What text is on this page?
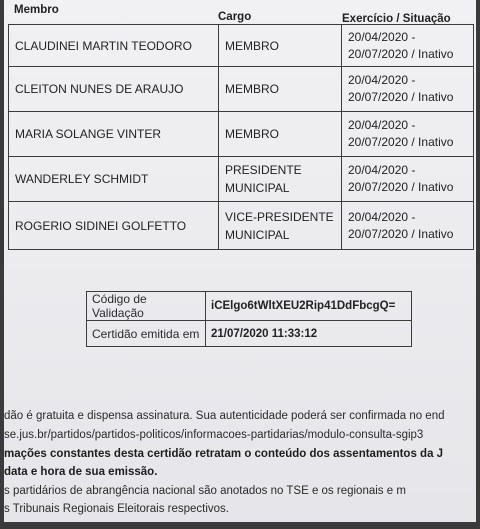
Membro
Cargo	Exercício / Situação
CLAUDINEI MARTIN TEODORO	MEMBRO	20/04/2020 -
20/07/2020 / Inativo

CLEITON NUNES DE ARAUJO	MEMBRO	20/04/2020 -
20/07/2020 / Inativo

MARIA SOLANGE VINTER	MEMBRO	20/04/2020 -
20/07/2020 / Inativo

WANDERLEY SCHMIDT	PRESIDENTE MUNICIPAL	20/04/2020 -
20/07/2020 / Inativo

ROGERIO SIDINEI GOLFETTO	VICE-PRESIDENTE MUNICIPAL	20/04/2020 -
20/07/2020 / Inativo
Código de Validação	iCElgo6tWltXEU2Rip41DdFbcgQ=
Certidão emitida em	21/07/2020 11:33:12
dão é gratuita e dispensa assinatura. Sua autenticidade poderá ser confirmada no end
se.jus.br/partidos/partidos-politicos/informacoes-partidarias/modulo-consulta-sgip3
mações constantes desta certidão retratam o conteúdo dos assentamentos da J
data e hora de sua emissão.
s partidários de abrangência nacional são anotados no TSE e os regionais e m
s Tribunais Regionais Eleitorais respectivos.
